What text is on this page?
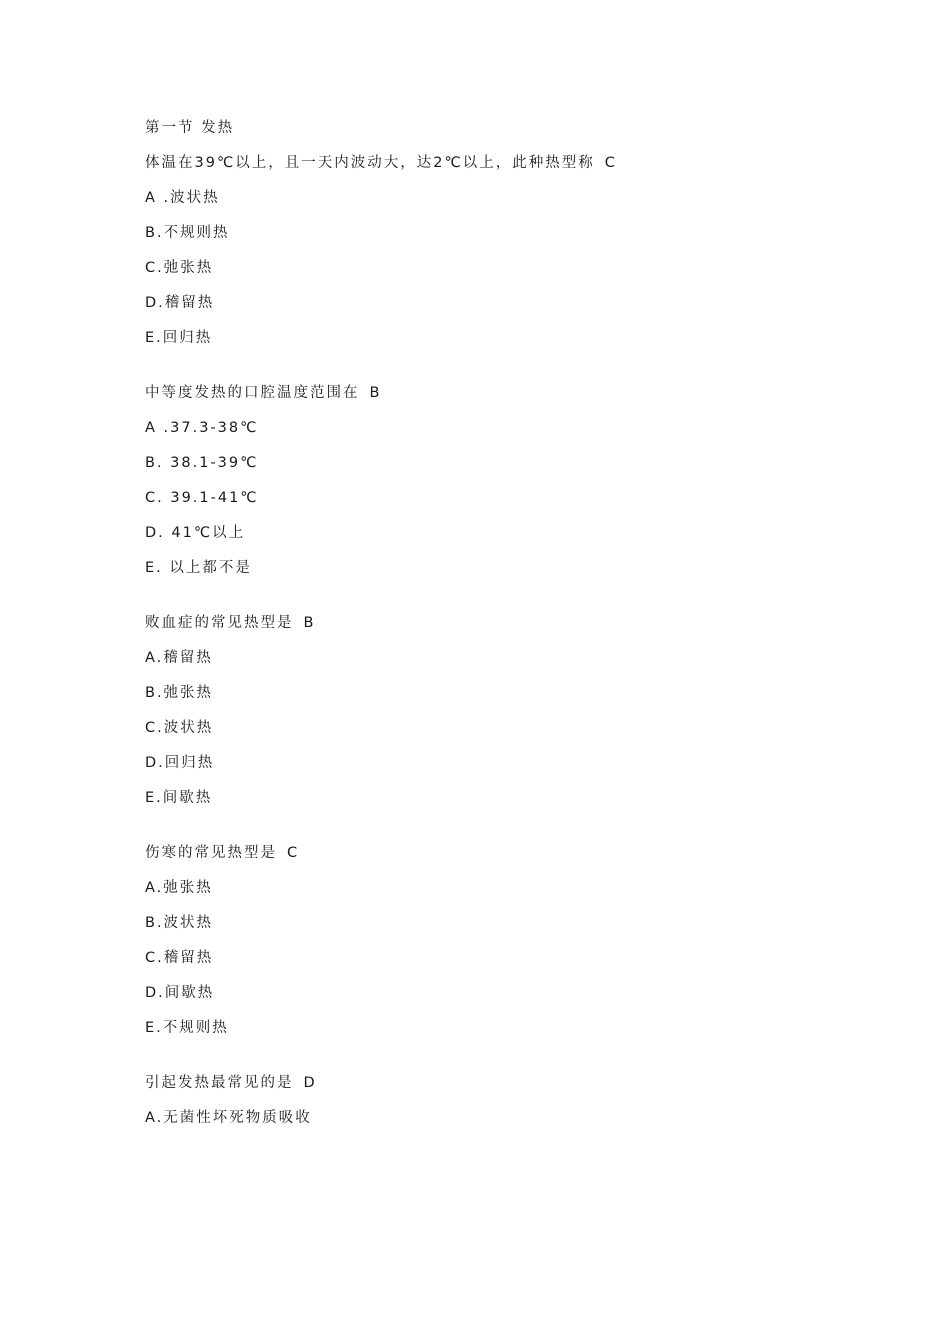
第一节 发热
体温在39℃以上，且一天内波动大，达2℃以上，此种热型称 C
A .波状热
B.不规则热
C.弛张热
D.稽留热
E.回归热
中等度发热的口腔温度范围在 B
A .37.3-38℃
B. 38.1-39℃
C. 39.1-41℃
D. 41℃以上
E. 以上都不是
败血症的常见热型是 B
A.稽留热
B.弛张热
C.波状热
D.回归热
E.间歇热
伤寒的常见热型是 C
A.弛张热
B.波状热
C.稽留热
D.间歇热
E.不规则热
引起发热最常见的是 D
A.无菌性坏死物质吸收
